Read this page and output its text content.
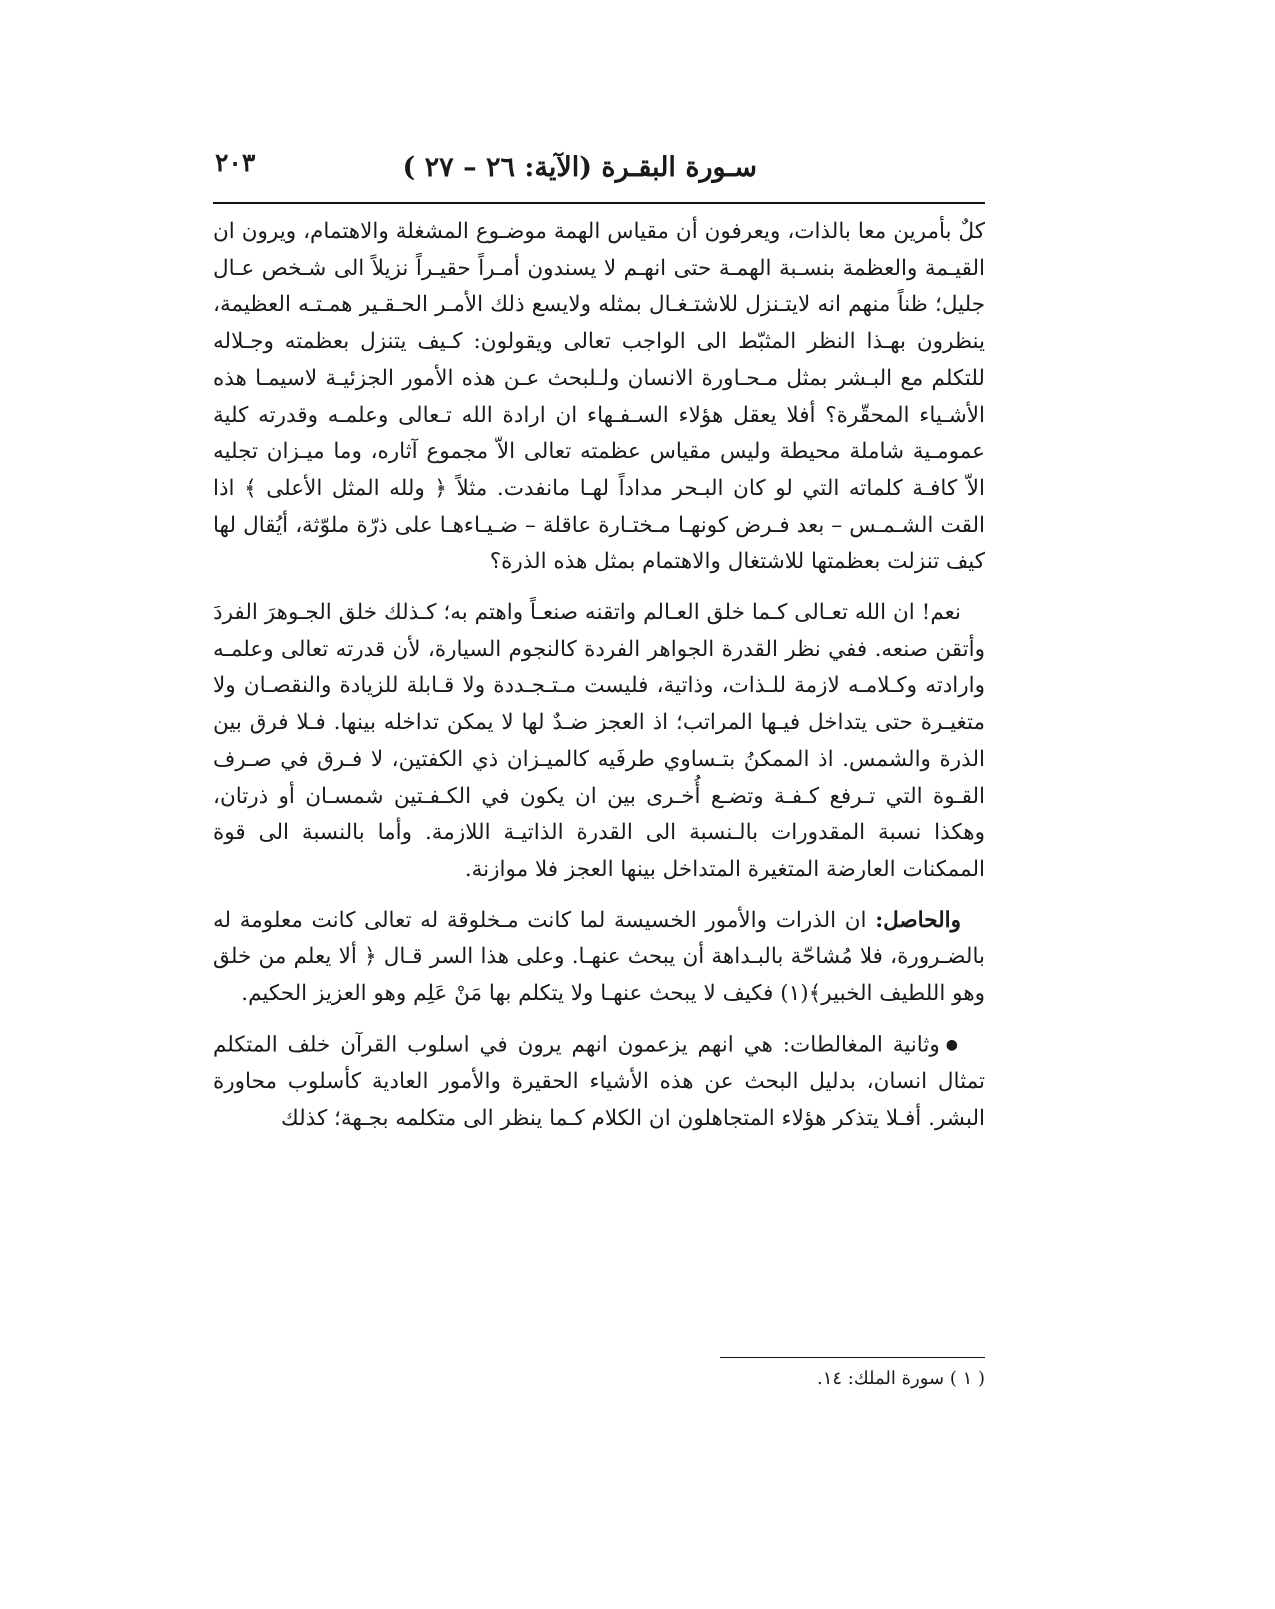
سـورة البقـرة (الآية: ٢٦ – ٢٧ )
٢٠٣

كلٌ بأمرين معا بالذات، ويعرفون أن مقياس الهمة موضـوع المشغلة والاهتمام، ويرون ان القيـمة والعظمة بنسـبة الهمـة حتى انهـم لا يسندون أمـراً حقيـراً نزيلاً الى شـخص عـال جليل؛ ظناً منهم انه لايتـنزل للاشتـغـال بمثله ولايسع ذلك الأمـر الحـقـير همـتـه العظيمة، ينظرون بهـذا النظر المثبّط الى الواجب تعالى ويقولون: كـيف يتنزل بعظمته وجـلاله للتكلم مع البـشر بمثل مـحـاورة الانسان ولـلبحث عـن هذه الأمور الجزئيـة لاسيمـا هذه الأشـياء المحقّرة؟ أفلا يعقل هؤلاء السـفـهاء ان ارادة الله تـعالى وعلمـه وقدرته كلية عمومـية شاملة محيطة وليس مقياس عظمته تعالى الاّ مجموع آثاره، وما ميـزان تجليه الاّ كافـة كلماته التي لو كان البـحر مداداً لهـا مانفدت. مثلاً ﴿ ولله المثل الأعلى ﴾ اذا القت الشـمـس – بعد فـرض كونهـا مـختـارة عاقلة – ضـيـاءهـا على ذرّة ملوّثة، أيُقال لها كيف تنزلت بعظمتها للاشتغال والاهتمام بمثل هذه الذرة؟

نعم! ان الله تعـالى كـما خلق العـالم واتقنه صنعـاً واهتم به؛ كـذلك خلق الجـوهرَ الفردَ وأتقن صنعه. ففي نظر القدرة الجواهر الفردة كالنجوم السيارة، لأن قدرته تعالى وعلمـه وارادته وكـلامـه لازمة للـذات، وذاتية، فليست مـتـجـددة ولا قـابلة للزيادة والنقصـان ولا متغيـرة حتى يتداخل فيـها المراتب؛ اذ العجز ضـدٌ لها لا يمكن تداخله بينها. فـلا فرق بين الذرة والشمس. اذ الممكنُ بتـساوي طرفَيه كالميـزان ذي الكفتين، لا فـرق في صـرف القـوة التي تـرفع كـفـة وتضـع أُخـرى بين ان يكون في الكـفـتين شمسـان أو ذرتان، وهكذا نسبة المقدورات بالـنسبة الى القدرة الذاتيـة اللازمة. وأما بالنسبة الى قوة الممكنات العارضة المتغيرة المتداخل بينها العجز فلا موازنة.

والحاصل: ان الذرات والأمور الخسيسة لما كانت مـخلوقة له تعالى كانت معلومة له بالضـرورة، فلا مُشاحّة بالبـداهة أن يبحث عنهـا. وعلى هذا السر قـال ﴿ ألا يعلم من خلق وهو اللطيف الخبير﴾(١) فكيف لا يبحث عنهـا ولا يتكلم بها مَنْ عَلِم وهو العزيز الحكيم.

●وثانية المغالطات: هي انهم يزعمون انهم يرون في اسلوب القرآن خلف المتكلم تمثال انسان، بدليل البحث عن هذه الأشياء الحقيرة والأمور العادية كأسلوب محاورة البشر. أفـلا يتذكر هؤلاء المتجاهلون ان الكلام كـما ينظر الى متكلمه بجـهة؛ كذلك

( ١ ) سورة الملك: ١٤.
